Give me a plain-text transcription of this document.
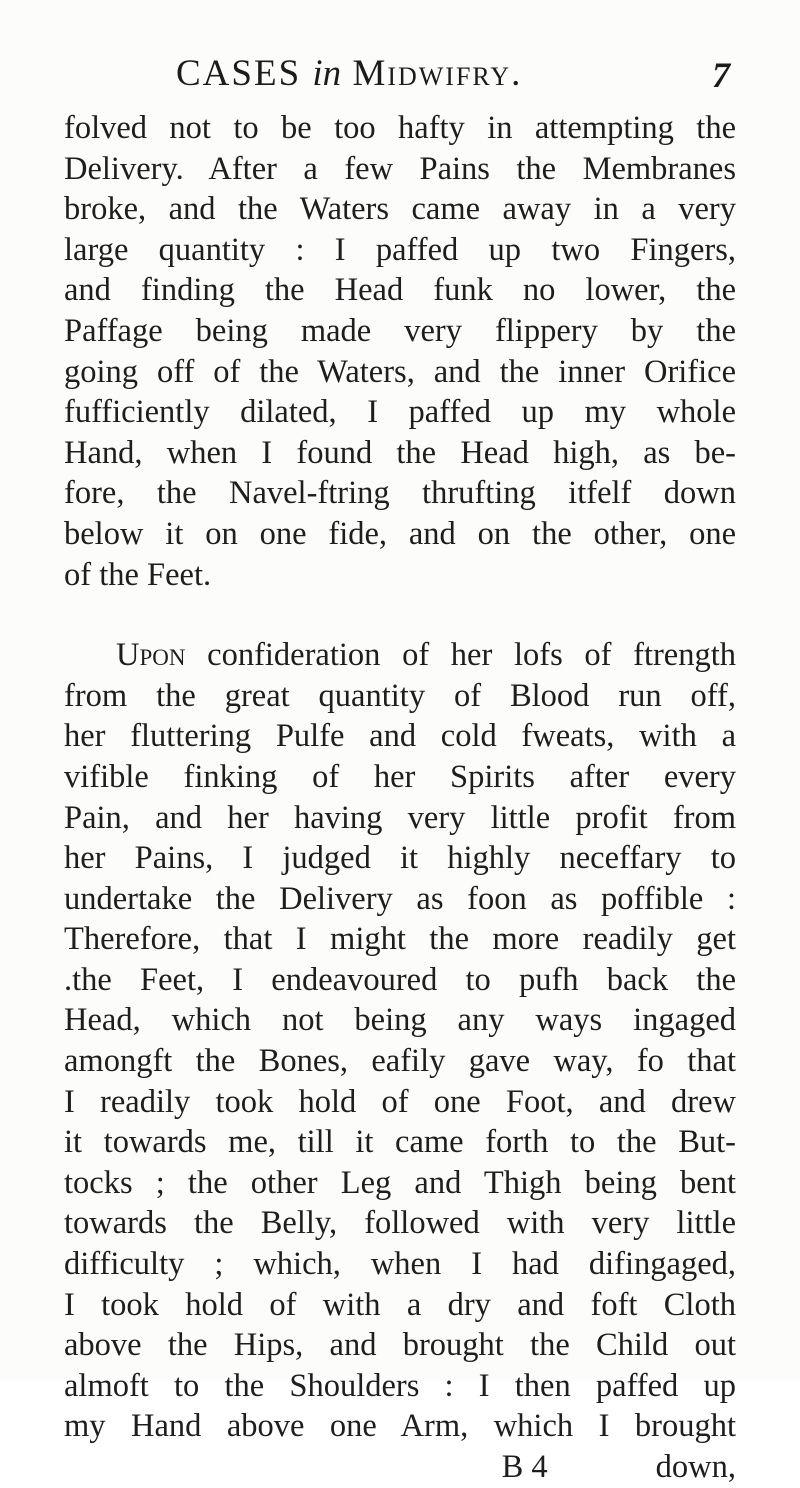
CASES in Midwifry.	7
folved not to be too hafty in attempting the
Delivery. After a few Pains the Membranes
broke, and the Waters came away in a very
large quantity : I paffed up two Fingers,
and finding the Head funk no lower, the
Paffage being made very flippery by the
going off of the Waters, and the inner Orifice
fufficiently dilated, I paffed up my whole
Hand, when I found the Head high, as be-
fore, the Navel-ftring thrufting itfelf down
below it on one fide, and on the other, one
of the Feet.
Upon confideration of her lofs of ftrength
from the great quantity of Blood run off,
her fluttering Pulfe and cold fweats, with a
vifible finking of her Spirits after every
Pain, and her having very little profit from
her Pains, I judged it highly neceffary to
undertake the Delivery as foon as poffible :
Therefore, that I might the more readily get
.the Feet, I endeavoured to pufh back the
Head, which not being any ways ingaged
amongft the Bones, eafily gave way, fo that
I readily took hold of one Foot, and drew
it towards me, till it came forth to the But-
tocks ; the other Leg and Thigh being bent
towards the Belly, followed with very little
difficulty ; which, when I had difingaged,
I took hold of with a dry and foft Cloth
above the Hips, and brought the Child out
almoft to the Shoulders : I then paffed up
my Hand above one Arm, which I brought
B 4	down,
